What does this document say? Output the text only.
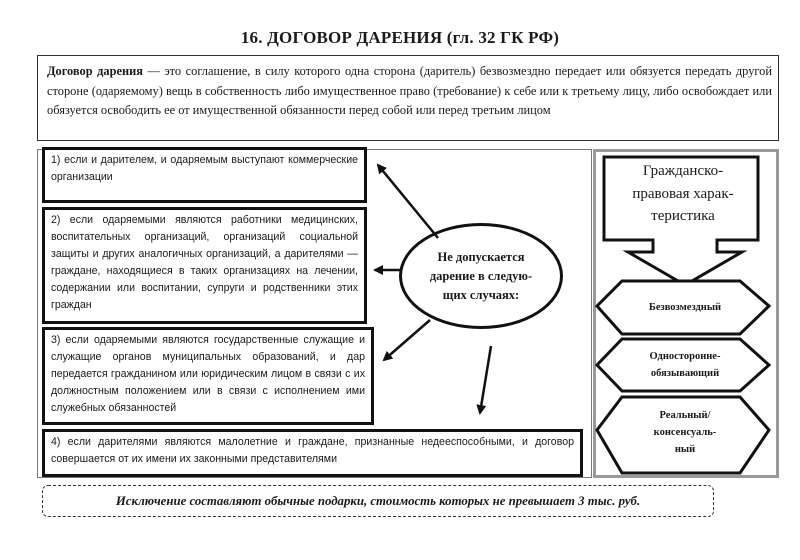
16. ДОГОВОР ДАРЕНИЯ (гл. 32 ГК РФ)
Договор дарения — это соглашение, в силу которого одна сторона (даритель) безвозмездно передает или обязуется передать другой стороне (одаряемому) вещь в собственность либо имущественное право (требование) к себе или к третьему лицу, либо освобождает или обязуется освободить ее от имущественной обязанности перед собой или перед третьим лицом
1) если и дарителем, и одаряемым выступают коммерческие организации
2) если одаряемыми являются работники медицинских, воспитательных организаций, организаций социальной защиты и других аналогичных организаций, а дарителями — граждане, находящиеся в таких организациях на лечении, содержании или воспитании, супруги и родственники этих граждан
3) если одаряемыми являются государственные служащие и служащие органов муниципальных образований, и дар передается гражданином или юридическим лицом в связи с их должностным положением или в связи с исполнением ими служебных обязанностей
4) если дарителями являются малолетние и граждане, признанные недееспособными, и договор совершается от их имени их законными представителями
Не допускается
дарение в следую-
щих случаях:
Гражданско-
правовая харак-
теристика
Безвозмездный
Односторонне-
обязывающий
Реальный/
консенсуаль-
ный
Исключение составляют обычные подарки, стоимость которых не превышает 3 тыс. руб.
